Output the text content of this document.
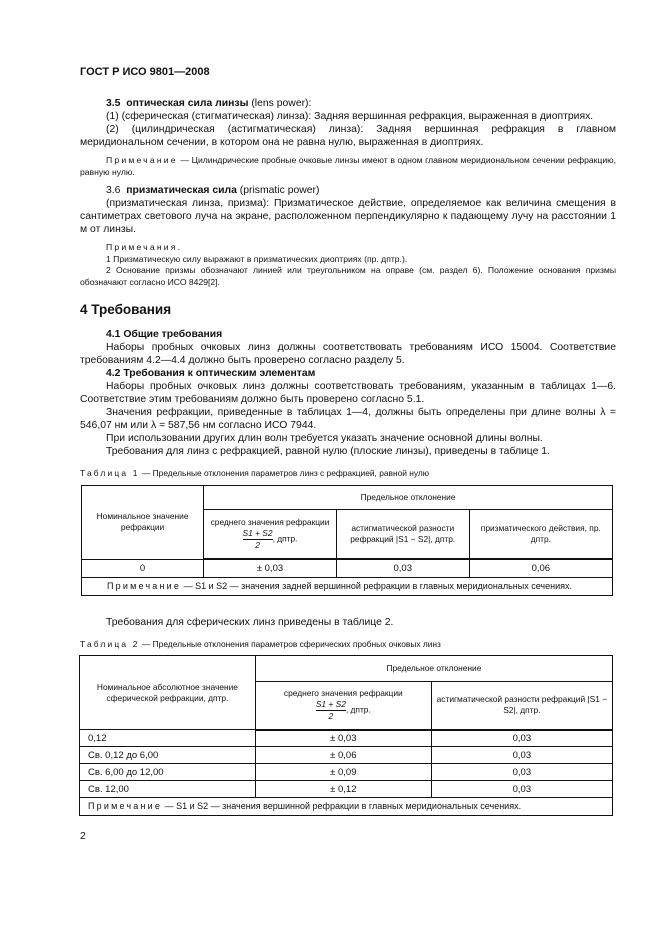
ГОСТ Р ИСО 9801—2008

3.5 оптическая сила линзы (lens power):

(1) (сферическая (стигматическая) линза): Задняя вершинная рефракция, выраженная в диоптриях.

(2) (цилиндрическая (астигматическая) линза): Задняя вершинная рефракция в главном меридиональном сечении, в котором она не равна нулю, выраженная в диоптриях.

Примечание — Цилиндрические пробные очковые линзы имеют в одном главном меридиональном сечении рефракцию, равную нулю.

3.6 призматическая сила (prismatic power)

(призматическая линза, призма): Призматическое действие, определяемое как величина смещения в сантиметрах светового луча на экране, расположенном перпендикулярно к падающему лучу на расстоянии 1 м от линзы.

Примечания.

1 Призматическую силу выражают в призматических диоптриях (пр. дптр.).

2 Основание призмы обозначают линией или треугольником на оправе (см. раздел 6). Положение основания призмы обозначают согласно ИСО 8429[2].

4 Требования

4.1 Общие требования

Наборы пробных очковых линз должны соответствовать требованиям ИСО 15004. Соответствие требованиям 4.2—4.4 должно быть проверено согласно разделу 5.

4.2 Требования к оптическим элементам

Наборы пробных очковых линз должны соответствовать требованиям, указанным в таблицах 1—6. Соответствие этим требованиям должно быть проверено согласно 5.1.

Значения рефракции, приведенные в таблицах 1—4, должны быть определены при длине волны λ = 546,07 нм или λ = 587,56 нм согласно ИСО 7944.

При использовании других длин волн требуется указать значение основной длины волны.

Требования для линз с рефракцией, равной нулю (плоские линзы), приведены в таблице 1.

Таблица 1 — Предельные отклонения параметров линз с рефракцией, равной нулю
Номинальное значение рефракции	Предельное отклонение		
	среднего значения рефракции

$\frac{S1 + S2}{2}$ , дптр.	астигматической разности рефракций |S1 − S2|, дптр.	призматического действия, пр. дптр.
0	± 0,03	0,03	0,06
Примечание — S1 и S2 — значения задней вершинной рефракции в главных меридиональных сечениях.			
Требования для сферических линз приведены в таблице 2.
Таблица 2 — Предельные отклонения параметров сферических пробных очковых линз
Номинальное абсолютное значение сферической рефракции, дптр.	Предельное отклонение	
	среднего значения рефракции

$\frac{S1 + S2}{2}$ , дптр.	астигматической разности рефракций |S1 − S2|, дптр.
0,12	± 0,03	0,03
Св. 0,12 до 6,00	± 0,06	0,03
Св. 6,00 до 12,00	± 0,09	0,03
Св. 12,00	± 0,12	0,03
Примечание — S1 и S2 — значения вершинной рефракции в главных меридиональных сечениях.		
2
